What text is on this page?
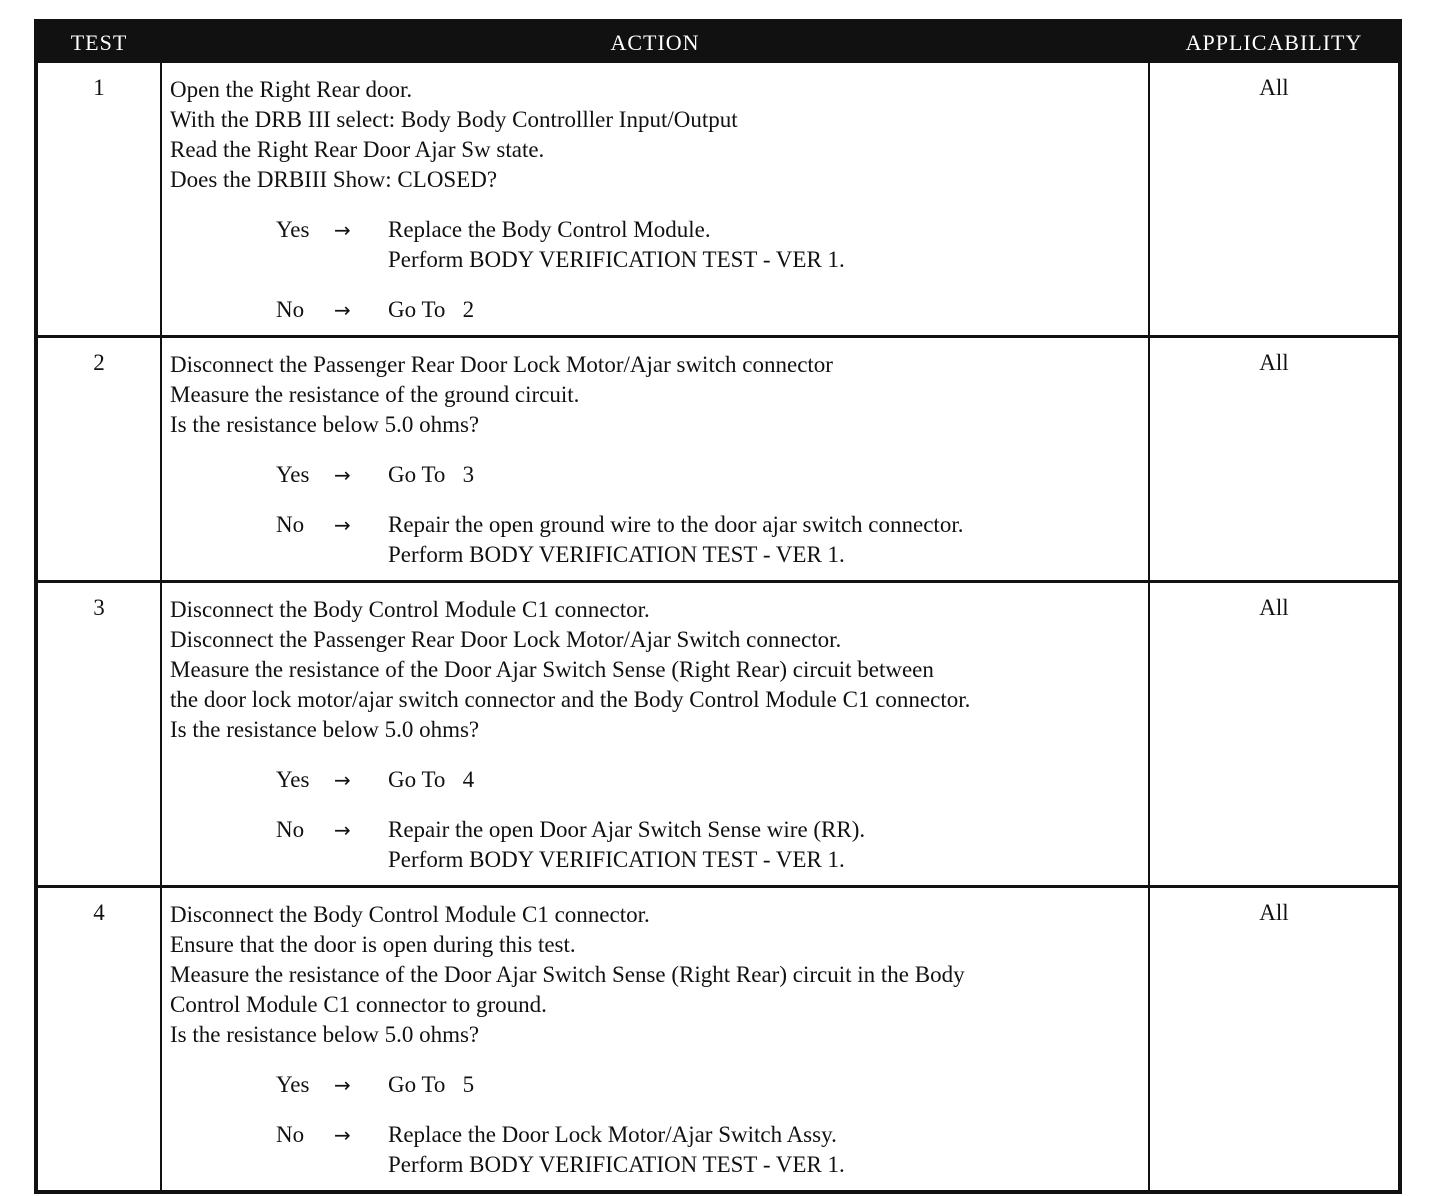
TEST	ACTION	APPLICABILITY
1	Open the Right Rear door.
With the DRB III select: Body Body Controlller Input/Output
Read the Right Rear Door Ajar Sw state.
Does the DRBIII Show: CLOSED?
Yes	→	Replace the Body Control Module.
Perform BODY VERIFICATION TEST - VER 1.
No	→	Go To   2
All
2	Disconnect the Passenger Rear Door Lock Motor/Ajar switch connector
Measure the resistance of the ground circuit.
Is the resistance below 5.0 ohms?
Yes	→	Go To   3
No	→	Repair the open ground wire to the door ajar switch connector.
Perform BODY VERIFICATION TEST - VER 1.
All
3	Disconnect the Body Control Module C1 connector.
Disconnect the Passenger Rear Door Lock Motor/Ajar Switch connector.
Measure the resistance of the Door Ajar Switch Sense (Right Rear) circuit between
the door lock motor/ajar switch connector and the Body Control Module C1 connector.
Is the resistance below 5.0 ohms?
Yes	→	Go To   4
No	→	Repair the open Door Ajar Switch Sense wire (RR).
Perform BODY VERIFICATION TEST - VER 1.
All
4	Disconnect the Body Control Module C1 connector.
Ensure that the door is open during this test.
Measure the resistance of the Door Ajar Switch Sense (Right Rear) circuit in the Body
Control Module C1 connector to ground.
Is the resistance below 5.0 ohms?
Yes	→	Go To   5
No	→	Replace the Door Lock Motor/Ajar Switch Assy.
Perform BODY VERIFICATION TEST - VER 1.
All
